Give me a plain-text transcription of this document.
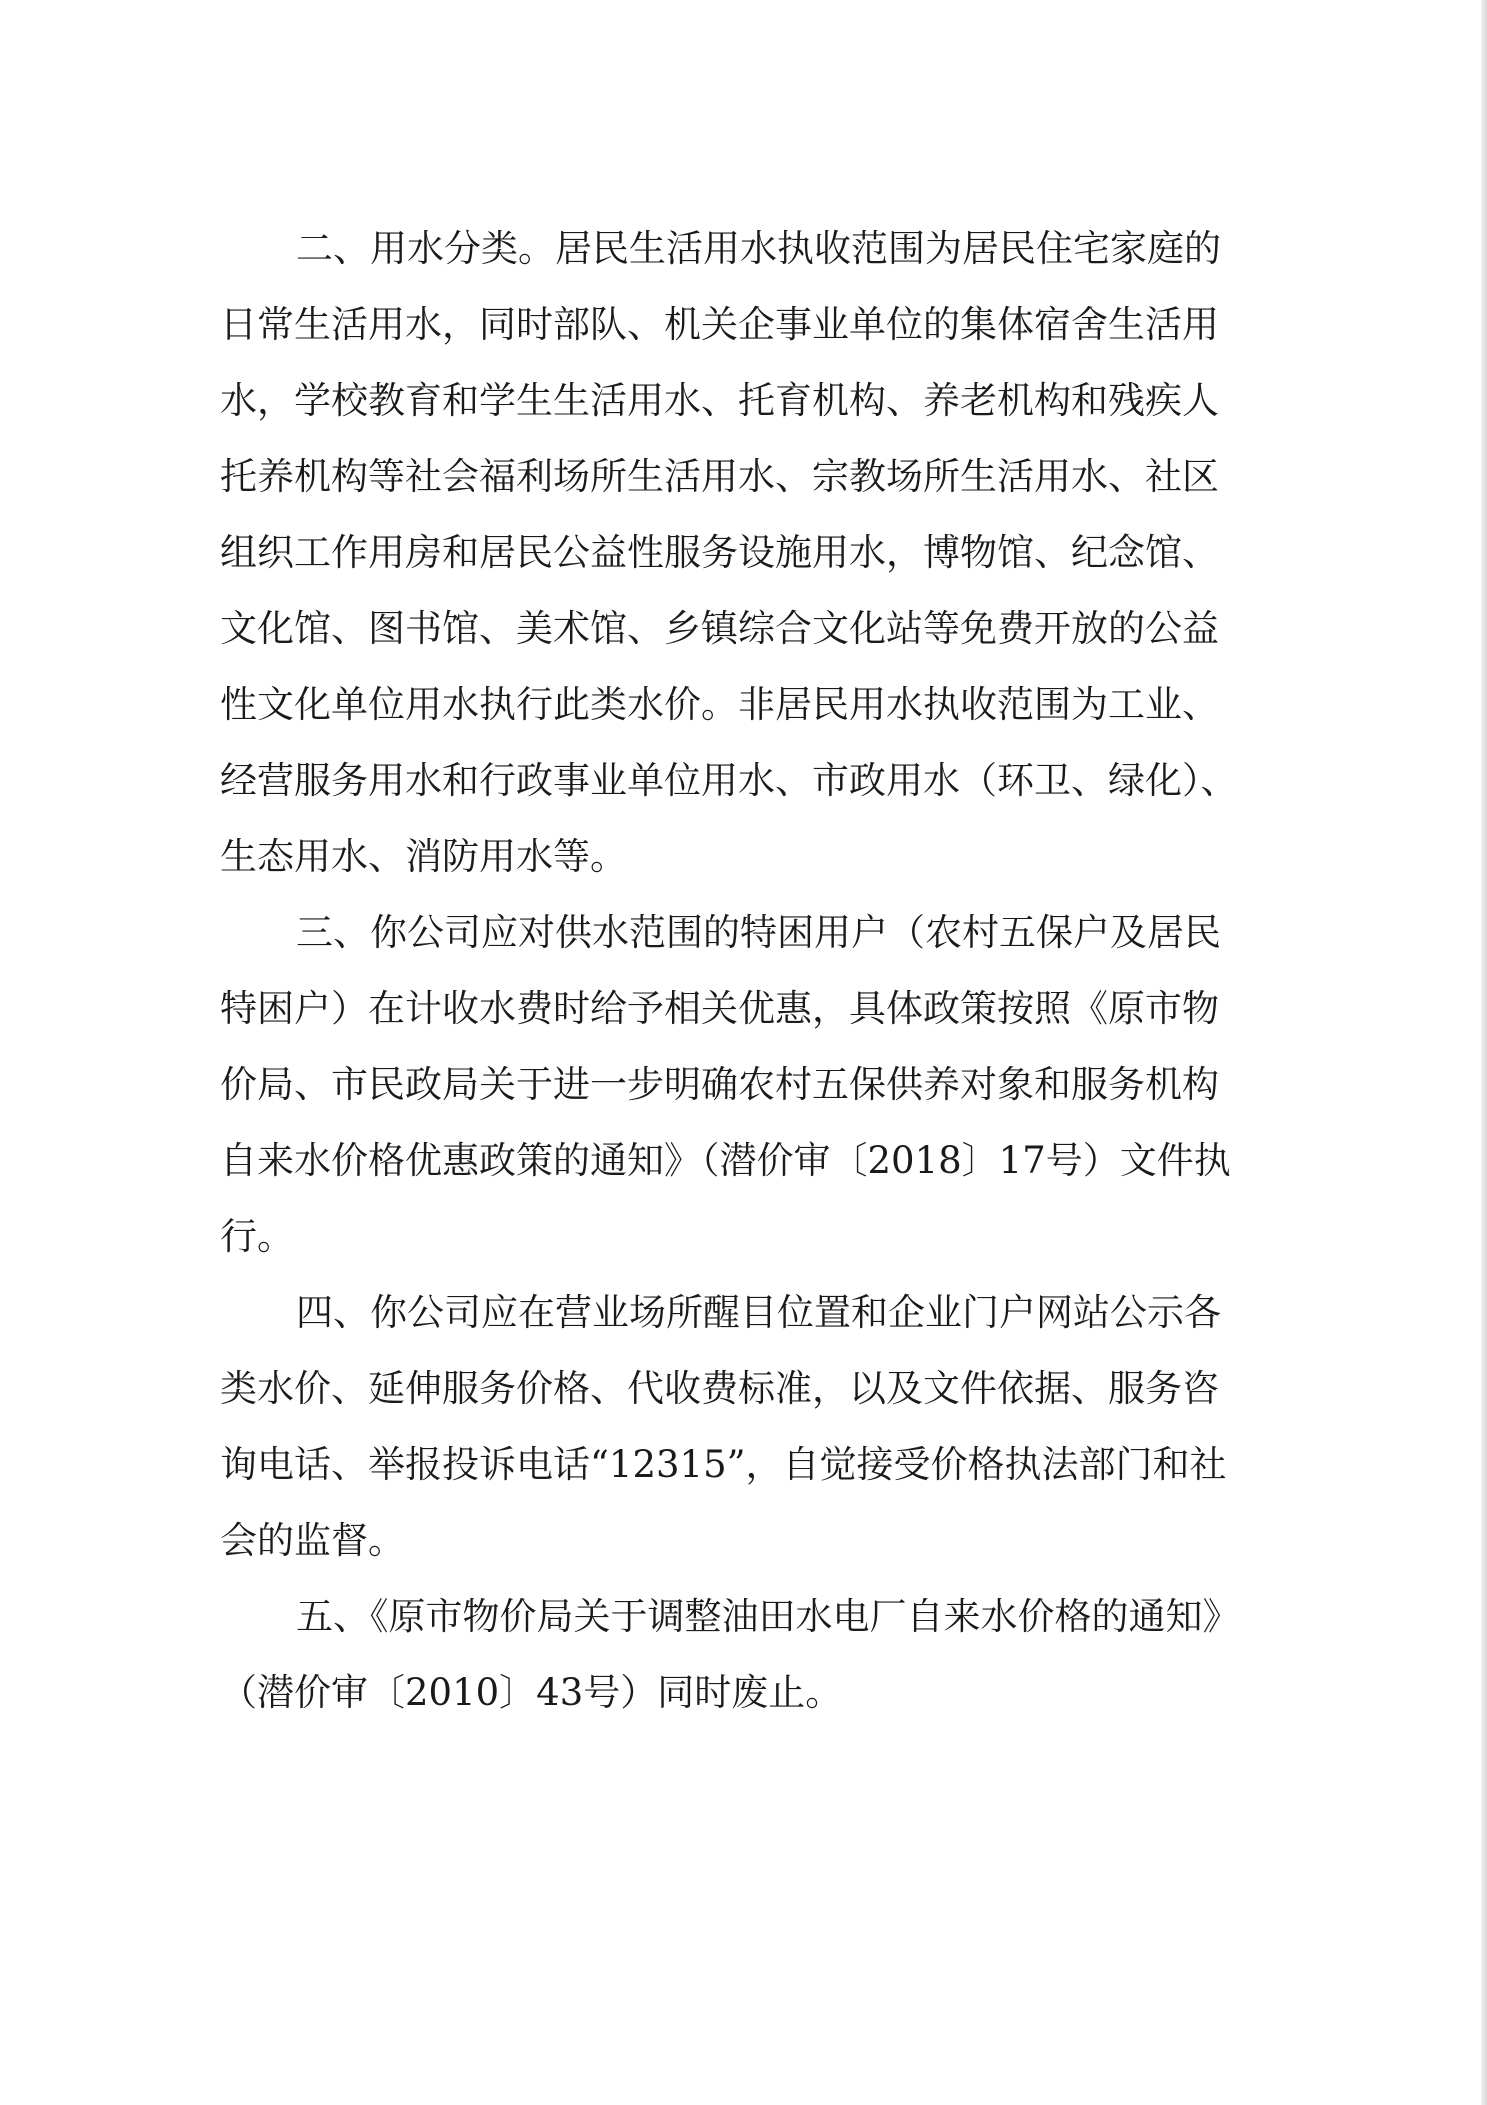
二、用水分类。居民生活用水执收范围为居民住宅家庭的
日常生活用水，同时部队、机关企事业单位的集体宿舍生活用
水，学校教育和学生生活用水、托育机构、养老机构和残疾人
托养机构等社会福利场所生活用水、宗教场所生活用水、社区
组织工作用房和居民公益性服务设施用水，博物馆、纪念馆、
文化馆、图书馆、美术馆、乡镇综合文化站等免费开放的公益
性文化单位用水执行此类水价。非居民用水执收范围为工业、
经营服务用水和行政事业单位用水、市政用水（环卫、绿化）、
生态用水、消防用水等。
三、你公司应对供水范围的特困用户（农村五保户及居民
特困户）在计收水费时给予相关优惠，具体政策按照《原市物
价局、市民政局关于进一步明确农村五保供养对象和服务机构
自来水价格优惠政策的通知》（潜价审〔2018〕17号）文件执
行。
四、你公司应在营业场所醒目位置和企业门户网站公示各
类水价、延伸服务价格、代收费标准，以及文件依据、服务咨
询电话、举报投诉电话“12315”，自觉接受价格执法部门和社
会的监督。
五、《原市物价局关于调整油田水电厂自来水价格的通知》
（潜价审〔2010〕43号）同时废止。
